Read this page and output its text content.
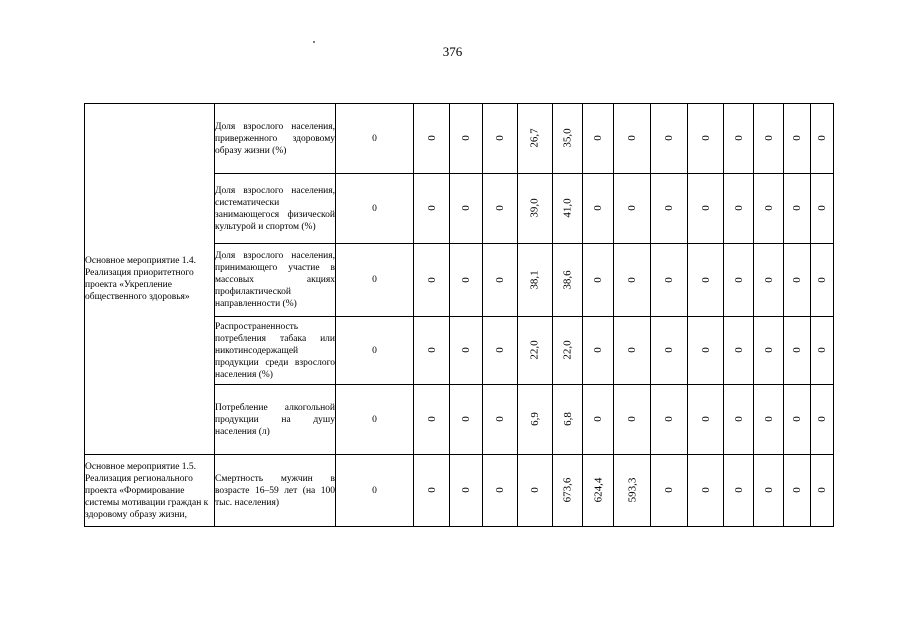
376
Основное мероприятие 1.4. Реализация приоритетного проекта «Укрепление общественного здоровья»	Доля взрослого населения, приверженного здоровому образу жизни (%)	0	0	0	0	26,7	35,0	0	0	0	0	0	0	0	0
	Доля взрослого населения, систематически занимающегося физической культурой и спортом (%)	0	0	0	0	39,0	41,0	0	0	0	0	0	0	0	0
	Доля взрослого населения, принимающего участие в массовых акциях профилактической направленности (%)	0	0	0	0	38,1	38,6	0	0	0	0	0	0	0	0
	Распространенность потребления табака или никотинсодержащей продукции среди взрослого населения (%)	0	0	0	0	22,0	22,0	0	0	0	0	0	0	0	0
	Потребление алкогольной продукции на душу населения (л)	0	0	0	0	6,9	6,8	0	0	0	0	0	0	0	0
Основное мероприятие 1.5. Реализация регионального проекта «Формирование системы мотивации граждан к здоровому образу жизни,	Смертность мужчин в возрасте 16–59 лет (на 100 тыс. населения)	0	0	0	0	0	673,6	624,4	593,3	0	0	0	0	0	0
